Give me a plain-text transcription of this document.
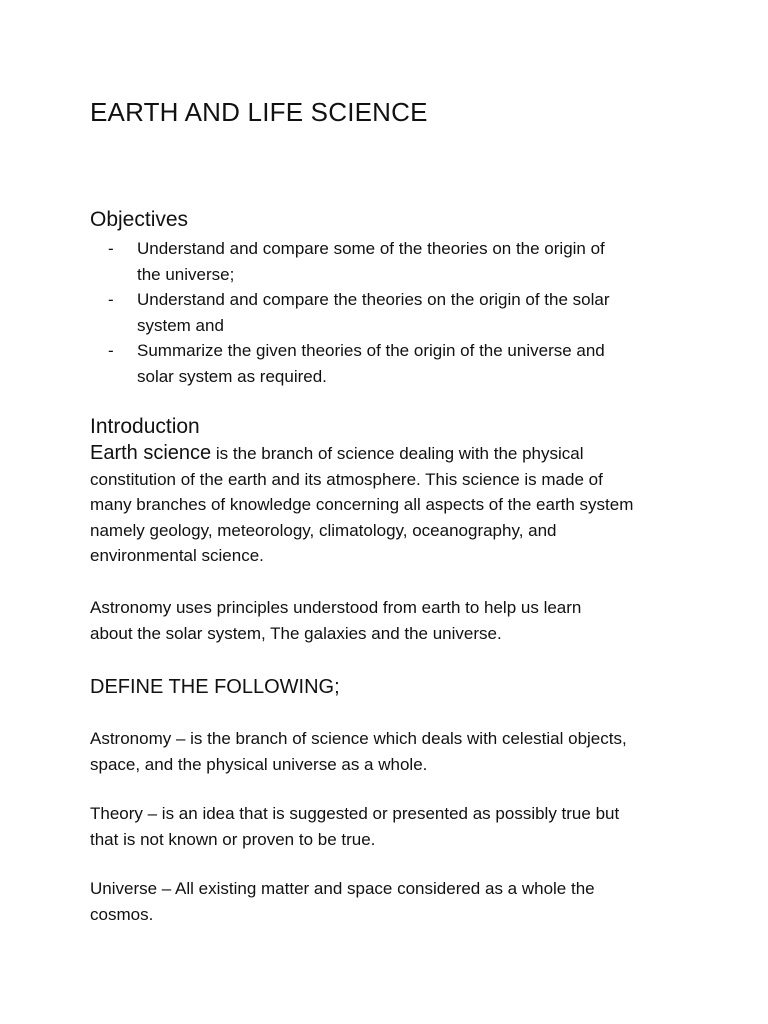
EARTH AND LIFE SCIENCE
Objectives
- Understand and compare some of the theories on the origin of
the universe;
- Understand and compare the theories on the origin of the solar
system and
- Summarize the given theories of the origin of the universe and
solar system as required.
Introduction
Earth science is the branch of science dealing with the physical
constitution of the earth and its atmosphere. This science is made of
many branches of knowledge concerning all aspects of the earth system
namely geology, meteorology, climatology, oceanography, and
environmental science.
Astronomy uses principles understood from earth to help us learn
about the solar system, The galaxies and the universe.
DEFINE THE FOLLOWING;
Astronomy – is the branch of science which deals with celestial objects,
space, and the physical universe as a whole.
Theory – is an idea that is suggested or presented as possibly true but
that is not known or proven to be true.
Universe – All existing matter and space considered as a whole the
cosmos.
